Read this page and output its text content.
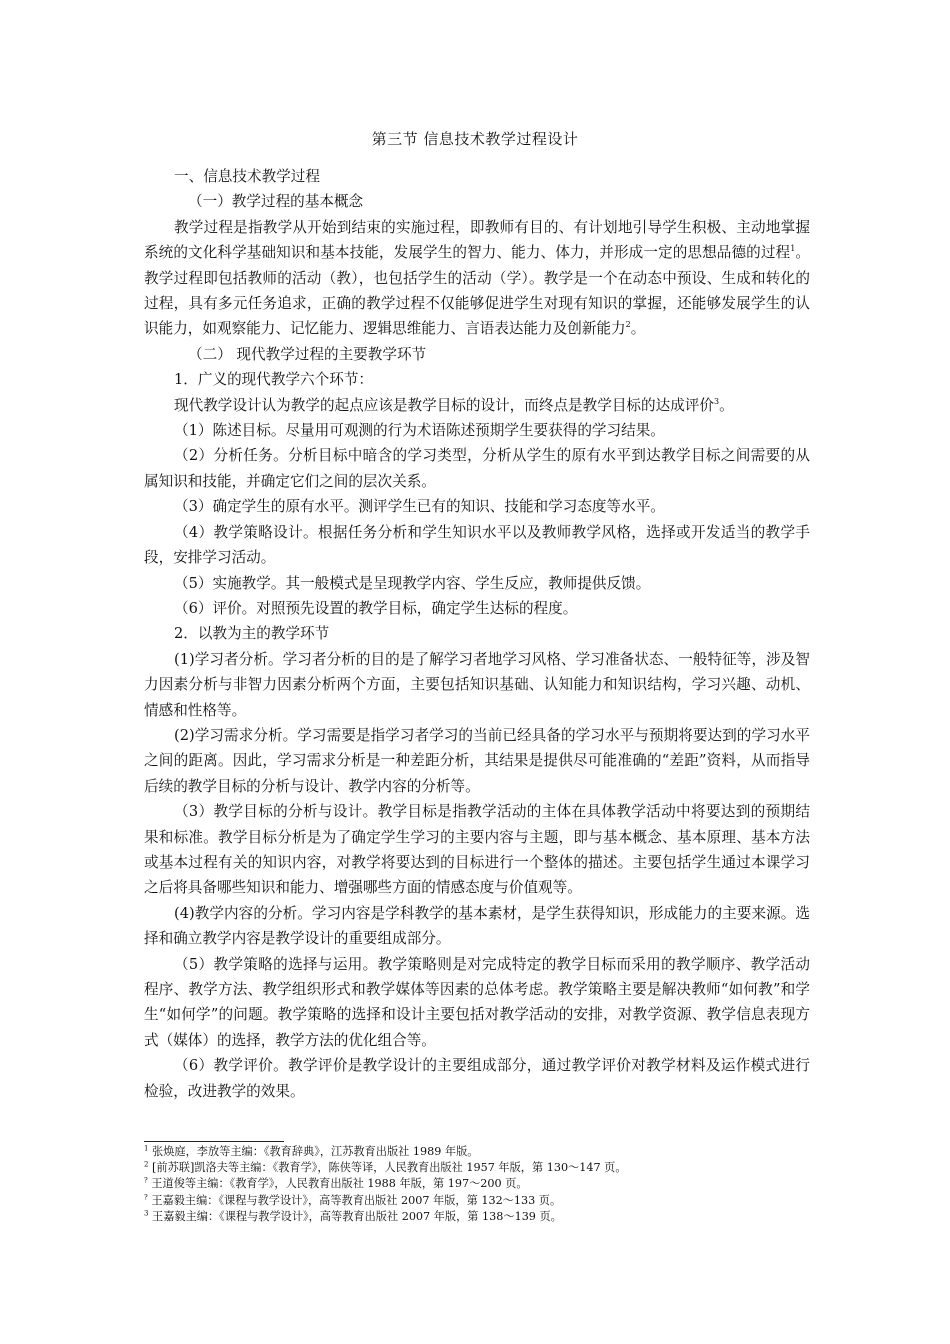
第三节 信息技术教学过程设计

一、信息技术教学过程

（一）教学过程的基本概念

教学过程是指教学从开始到结束的实施过程，即教师有目的、有计划地引导学生积极、主动地掌握系统的文化科学基础知识和基本技能，发展学生的智力、能力、体力，并形成一定的思想品德的过程$^1$。教学过程即包括教师的活动（教），也包括学生的活动（学）。教学是一个在动态中预设、生成和转化的过程，具有多元任务追求，正确的教学过程不仅能够促进学生对现有知识的掌握，还能够发展学生的认识能力，如观察能力、记忆能力、逻辑思维能力、言语表达能力及创新能力$^2$。

（二） 现代教学过程的主要教学环节

1．广义的现代教学六个环节：

现代教学设计认为教学的起点应该是教学目标的设计，而终点是教学目标的达成评价$^3$。

（1）陈述目标。尽量用可观测的行为术语陈述预期学生要获得的学习结果。

（2）分析任务。分析目标中暗含的学习类型，分析从学生的原有水平到达教学目标之间需要的从属知识和技能，并确定它们之间的层次关系。

（3）确定学生的原有水平。测评学生已有的知识、技能和学习态度等水平。

（4）教学策略设计。根据任务分析和学生知识水平以及教师教学风格，选择或开发适当的教学手段，安排学习活动。

（5）实施教学。其一般模式是呈现教学内容、学生反应，教师提供反馈。

（6）评价。对照预先设置的教学目标，确定学生达标的程度。

2．以教为主的教学环节

(1)学习者分析。学习者分析的目的是了解学习者地学习风格、学习准备状态、一般特征等，涉及智力因素分析与非智力因素分析两个方面，主要包括知识基础、认知能力和知识结构，学习兴趣、动机、情感和性格等。

(2)学习需求分析。学习需要是指学习者学习的当前已经具备的学习水平与预期将要达到的学习水平之间的距离。因此，学习需求分析是一种差距分析，其结果是提供尽可能准确的“差距”资料，从而指导后续的教学目标的分析与设计、教学内容的分析等。

（3）教学目标的分析与设计。教学目标是指教学活动的主体在具体教学活动中将要达到的预期结果和标准。教学目标分析是为了确定学生学习的主要内容与主题，即与基本概念、基本原理、基本方法或基本过程有关的知识内容，对教学将要达到的目标进行一个整体的描述。主要包括学生通过本课学习之后将具备哪些知识和能力、增强哪些方面的情感态度与价值观等。

(4)教学内容的分析。学习内容是学科教学的基本素材，是学生获得知识，形成能力的主要来源。选择和确立教学内容是教学设计的重要组成部分。

（5）教学策略的选择与运用。教学策略则是对完成特定的教学目标而采用的教学顺序、教学活动程序、教学方法、教学组织形式和教学媒体等因素的总体考虑。教学策略主要是解决教师“如何教”和学生“如何学”的问题。教学策略的选择和设计主要包括对教学活动的安排，对教学资源、教学信息表现方式（媒体）的选择，教学方法的优化组合等。

（6）教学评价。教学评价是教学设计的主要组成部分，通过教学评价对教学材料及运作模式进行检验，改进教学的效果。

$^1$ 张焕庭，李放等主编：《教育辞典》，江苏教育出版社 1989 年版。
$^2$ [前苏联]凯洛夫等主编：《教育学》，陈侠等译，人民教育出版社 1957 年版，第 130～147 页。
? 王道俊等主编：《教育学》，人民教育出版社 1988 年版，第 197～200 页。
? 王嘉毅主编：《课程与教学设计》，高等教育出版社 2007 年版，第 132～133 页。
$^3$ 王嘉毅主编：《课程与教学设计》，高等教育出版社 2007 年版，第 138～139 页。
